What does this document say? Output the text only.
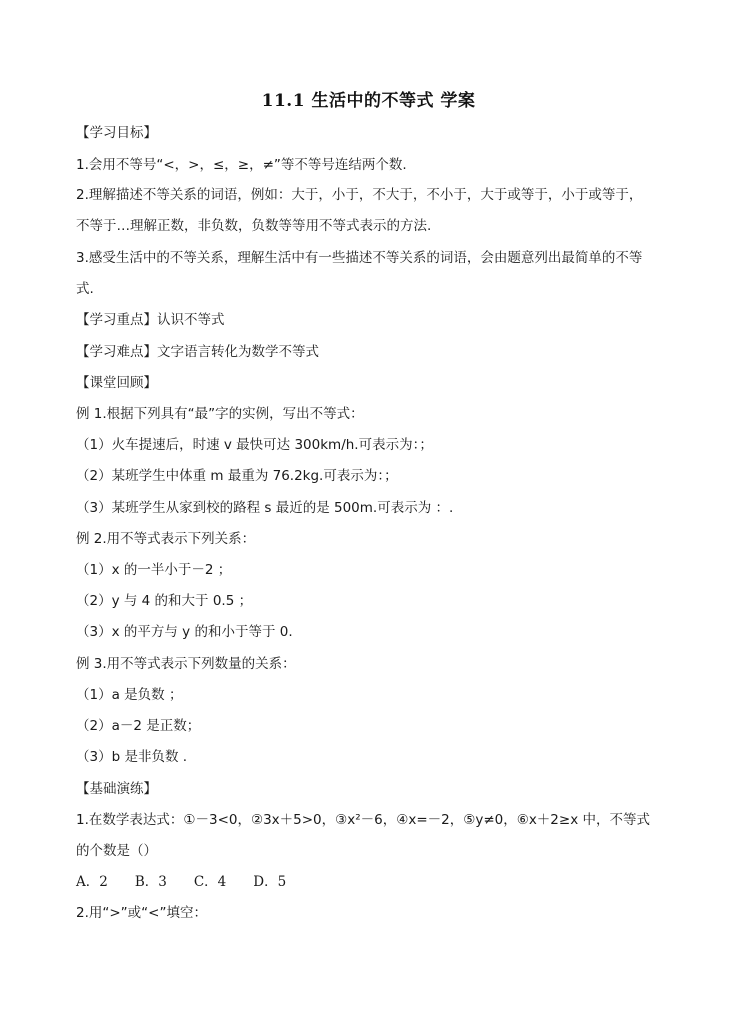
11.1 生活中的不等式 学案
【学习目标】
1.会用不等号“<，>，≤，≥，≠”等不等号连结两个数.
2.理解描述不等关系的词语，例如：大于，小于，不大于，不小于，大于或等于，小于或等于，
不等于…理解正数，非负数，负数等等用不等式表示的方法.
3.感受生活中的不等关系，理解生活中有一些描述不等关系的词语，会由题意列出最简单的不等
式.
【学习重点】认识不等式
【学习难点】文字语言转化为数学不等式
【课堂回顾】
例 1.根据下列具有“最”字的实例，写出不等式：
（1）火车提速后，时速 v 最快可达 300km/h.可表示为：；
（2）某班学生中体重 m 最重为 76.2kg.可表示为：；
（3）某班学生从家到校的路程 s 最近的是 500m.可表示为 ：.
例 2.用不等式表示下列关系：
（1）x 的一半小于－2 ；
（2）y 与 4 的和大于 0.5 ；
（3）x 的平方与 y 的和小于等于 0.
例 3.用不等式表示下列数量的关系：
（1）a 是负数 ；
（2）a－2 是正数；
（3）b 是非负数 .
【基础演练】
1.在数学表达式：①－3<0，②3x＋5>0，③x²－6，④x=－2，⑤y≠0，⑥x＋2≥x 中，不等式
的个数是（）
A．2　　B．3　　C．4　　D．5
2.用“>”或“<”填空：
